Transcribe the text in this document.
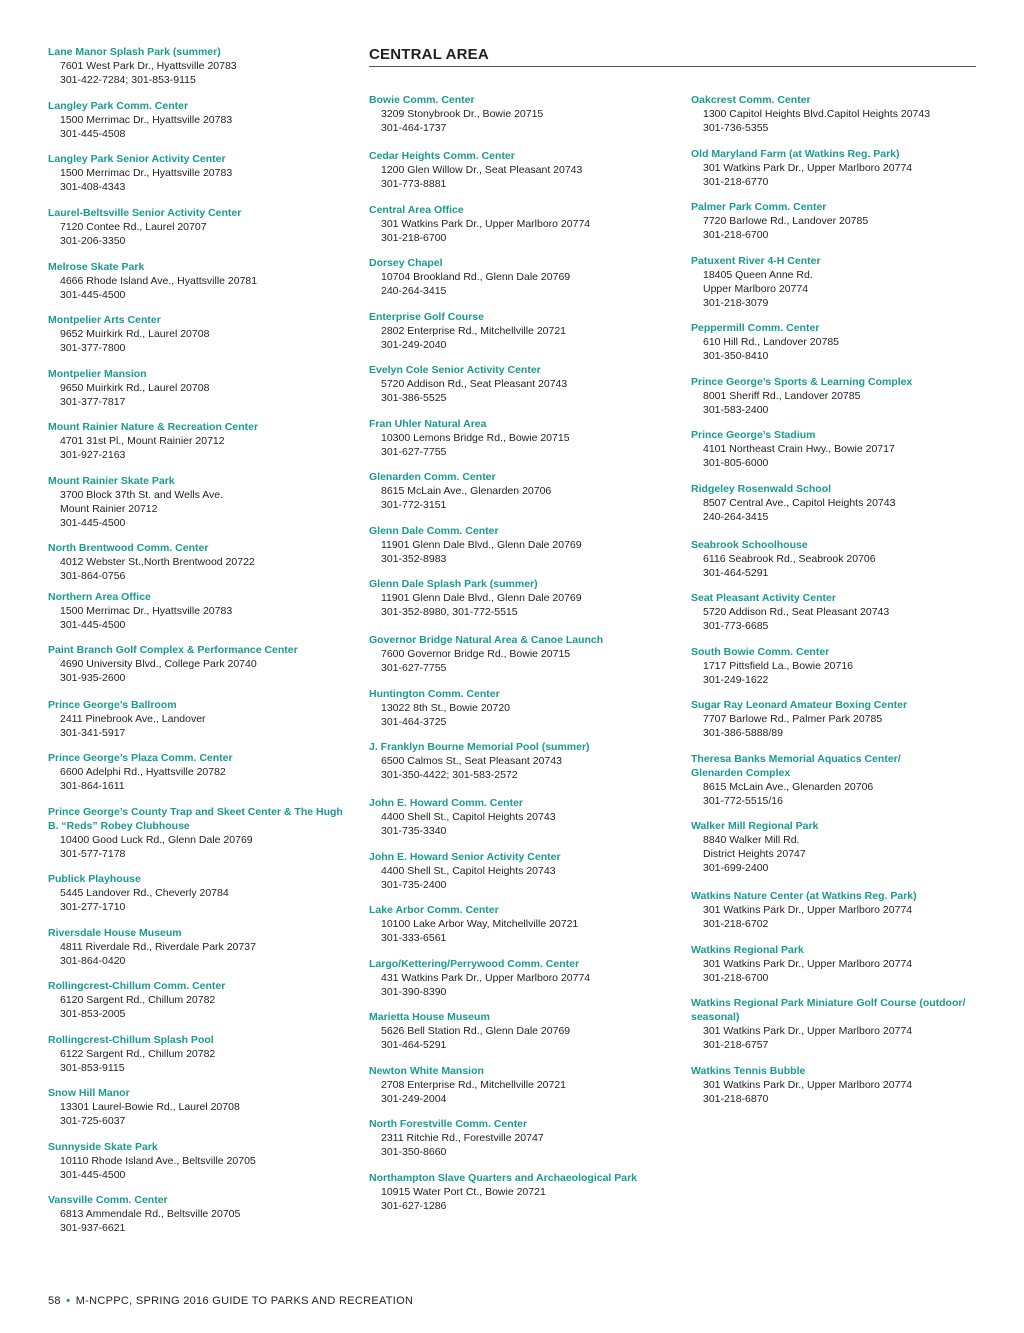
Lane Manor Splash Park (summer)
7601 West Park Dr., Hyattsville 20783
301-422-7284; 301-853-9115
Langley Park Comm. Center
1500 Merrimac Dr., Hyattsville 20783
301-445-4508
Langley Park Senior Activity Center
1500 Merrimac Dr., Hyattsville 20783
301-408-4343
Laurel-Beltsville Senior Activity Center
7120 Contee Rd., Laurel 20707
301-206-3350
Melrose Skate Park
4666 Rhode Island Ave., Hyattsville 20781
301-445-4500
Montpelier Arts Center
9652 Muirkirk Rd., Laurel 20708
301-377-7800
Montpelier Mansion
9650 Muirkirk Rd., Laurel 20708
301-377-7817
Mount Rainier Nature & Recreation Center
4701 31st Pl., Mount Rainier 20712
301-927-2163
Mount Rainier Skate Park
3700 Block 37th St. and Wells Ave.
Mount Rainier 20712
301-445-4500
North Brentwood Comm. Center
4012 Webster St.,North Brentwood 20722
301-864-0756
Northern Area Office
1500 Merrimac Dr., Hyattsville 20783
301-445-4500
Paint Branch Golf Complex & Performance Center
4690 University Blvd., College Park 20740
301-935-2600
Prince George’s Ballroom
2411 Pinebrook Ave., Landover
301-341-5917
Prince George’s Plaza Comm. Center
6600 Adelphi Rd., Hyattsville 20782
301-864-1611
Prince George’s County Trap and Skeet Center & The Hugh
B. “Reds” Robey Clubhouse
10400 Good Luck Rd., Glenn Dale 20769
301-577-7178
Publick Playhouse
5445 Landover Rd., Cheverly 20784
301-277-1710
Riversdale House Museum
4811 Riverdale Rd., Riverdale Park 20737
301-864-0420
Rollingcrest-Chillum Comm. Center
6120 Sargent Rd., Chillum 20782
301-853-2005
Rollingcrest-Chillum Splash Pool
6122 Sargent Rd., Chillum 20782
301-853-9115
Snow Hill Manor
13301 Laurel-Bowie Rd., Laurel 20708
301-725-6037
Sunnyside Skate Park
10110 Rhode Island Ave., Beltsville 20705
301-445-4500
Vansville Comm. Center
6813 Ammendale Rd., Beltsville 20705
301-937-6621
Bowie Comm. Center
3209 Stonybrook Dr., Bowie 20715
301-464-1737
Cedar Heights Comm. Center
1200 Glen Willow Dr., Seat Pleasant 20743
301-773-8881
Central Area Office
301 Watkins Park Dr., Upper Marlboro 20774
301-218-6700
Dorsey Chapel
10704 Brookland Rd., Glenn Dale 20769
240-264-3415
Enterprise Golf Course
2802 Enterprise Rd., Mitchellville 20721
301-249-2040
Evelyn Cole Senior Activity Center
5720 Addison Rd., Seat Pleasant 20743
301-386-5525
Fran Uhler Natural Area
10300 Lemons Bridge Rd., Bowie 20715
301-627-7755
Glenarden Comm. Center
8615 McLain Ave., Glenarden 20706
301-772-3151
Glenn Dale Comm. Center
11901 Glenn Dale Blvd., Glenn Dale 20769
301-352-8983
Glenn Dale Splash Park (summer)
11901 Glenn Dale Blvd., Glenn Dale 20769
301-352-8980, 301-772-5515
Governor Bridge Natural Area & Canoe Launch
7600 Governor Bridge Rd., Bowie 20715
301-627-7755
Huntington Comm. Center
13022 8th St., Bowie 20720
301-464-3725
J. Franklyn Bourne Memorial Pool (summer)
6500 Calmos St., Seat Pleasant 20743
301-350-4422; 301-583-2572
John E. Howard Comm. Center
4400 Shell St., Capitol Heights 20743
301-735-3340
John E. Howard Senior Activity Center
4400 Shell St., Capitol Heights 20743
301-735-2400
Lake Arbor Comm. Center
10100 Lake Arbor Way, Mitchellville 20721
301-333-6561
Largo/Kettering/Perrywood Comm. Center
431 Watkins Park Dr., Upper Marlboro 20774
301-390-8390
Marietta House Museum
5626 Bell Station Rd., Glenn Dale 20769
301-464-5291
Newton White Mansion
2708 Enterprise Rd., Mitchellville 20721
301-249-2004
North Forestville Comm. Center
2311 Ritchie Rd., Forestville 20747
301-350-8660
Northampton Slave Quarters and Archaeological Park
10915 Water Port Ct., Bowie 20721
301-627-1286
Oakcrest Comm. Center
1300 Capitol Heights Blvd.Capitol Heights 20743
301-736-5355
Old Maryland Farm (at Watkins Reg. Park)
301 Watkins Park Dr., Upper Marlboro 20774
301-218-6770
Palmer Park Comm. Center
7720 Barlowe Rd., Landover 20785
301-218-6700
Patuxent River 4-H Center
18405 Queen Anne Rd.
Upper Marlboro 20774
301-218-3079
Peppermill Comm. Center
610 Hill Rd., Landover 20785
301-350-8410
Prince George’s Sports & Learning Complex
8001 Sheriff Rd., Landover 20785
301-583-2400
Prince George’s Stadium
4101 Northeast Crain Hwy., Bowie 20717
301-805-6000
Ridgeley Rosenwald School
8507 Central Ave., Capitol Heights 20743
240-264-3415
Seabrook Schoolhouse
6116 Seabrook Rd., Seabrook 20706
301-464-5291
Seat Pleasant Activity Center
5720 Addison Rd., Seat Pleasant 20743
301-773-6685
South Bowie Comm. Center
1717 Pittsfield La., Bowie 20716
301-249-1622
Sugar Ray Leonard Amateur Boxing Center
7707 Barlowe Rd., Palmer Park 20785
301-386-5888/89
Theresa Banks Memorial Aquatics Center/
Glenarden Complex
8615 McLain Ave., Glenarden 20706
301-772-5515/16
Walker Mill Regional Park
8840 Walker Mill Rd.
District Heights 20747
301-699-2400
Watkins Nature Center (at Watkins Reg. Park)
301 Watkins Park Dr., Upper Marlboro 20774
301-218-6702
Watkins Regional Park
301 Watkins Park Dr., Upper Marlboro 20774
301-218-6700
Watkins Regional Park Miniature Golf Course (outdoor/
seasonal)
301 Watkins Park Dr., Upper Marlboro 20774
301-218-6757
Watkins Tennis Bubble
301 Watkins Park Dr., Upper Marlboro 20774
301-218-6870
CENTRAL AREA
58 • M-NCPPC, SPRING 2016 GUIDE TO PARKS AND RECREATION
